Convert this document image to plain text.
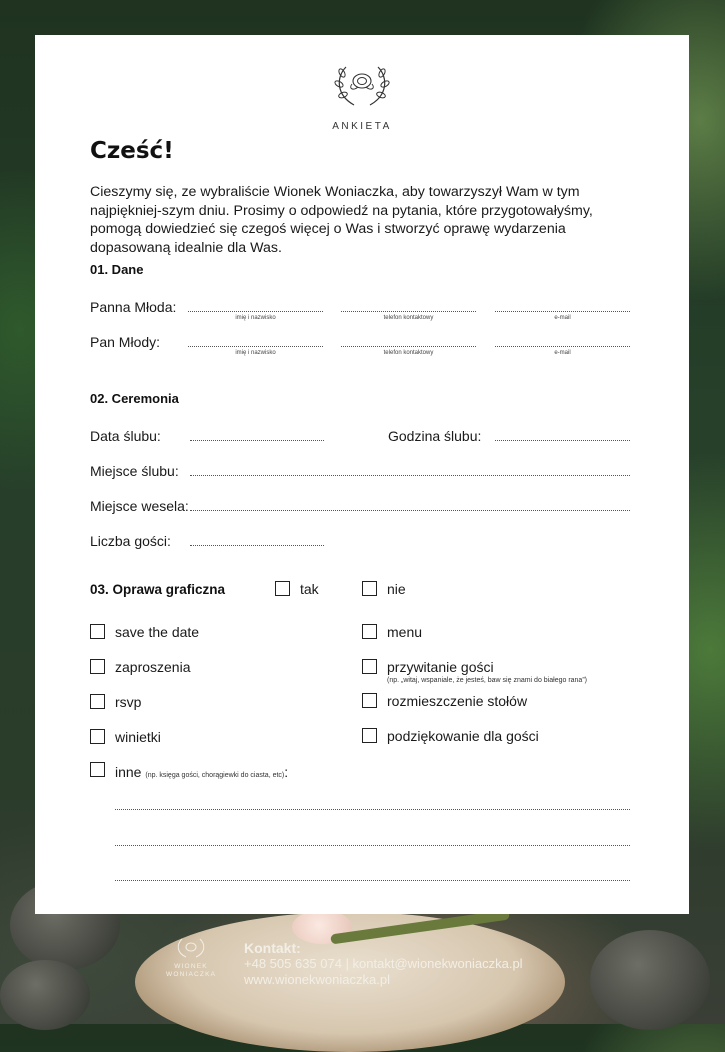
ANKIETA
Cześć!
Cieszymy się, ze wybraliście Wionek Woniaczka, aby towarzyszył Wam w tym najpiękniej-szym dniu. Prosimy o odpowiedź na pytania, które przygotowałyśmy, pomogą dowiedzieć się czegoś więcej o Was i stworzyć oprawę wydarzenia dopasowaną idealnie dla Was.
01. Dane
Panna Młoda:
imię i nazwisko	telefon kontaktowy	e-mail
Pan Młody:
imię i nazwisko	telefon kontaktowy	e-mail
02. Ceremonia
Data ślubu:	Godzina ślubu:
Miejsce ślubu:
Miejsce wesela:
Liczba gości:
03. Oprawa graficzna	tak	nie
save the date
zaproszenia
rsvp
winietki
menu
przywitanie gości
(np. „witaj, wspaniale, że jesteś, baw się znami do białego rana”)
rozmieszczenie stołów
podziękowanie dla gości
inne (np. księga gości, chorągiewki do ciasta, etc):
WIONEK WONIACZKA
Kontakt:
+48 505 635 074 | kontakt@wionekwoniaczka.pl
www.wionekwoniaczka.pl
